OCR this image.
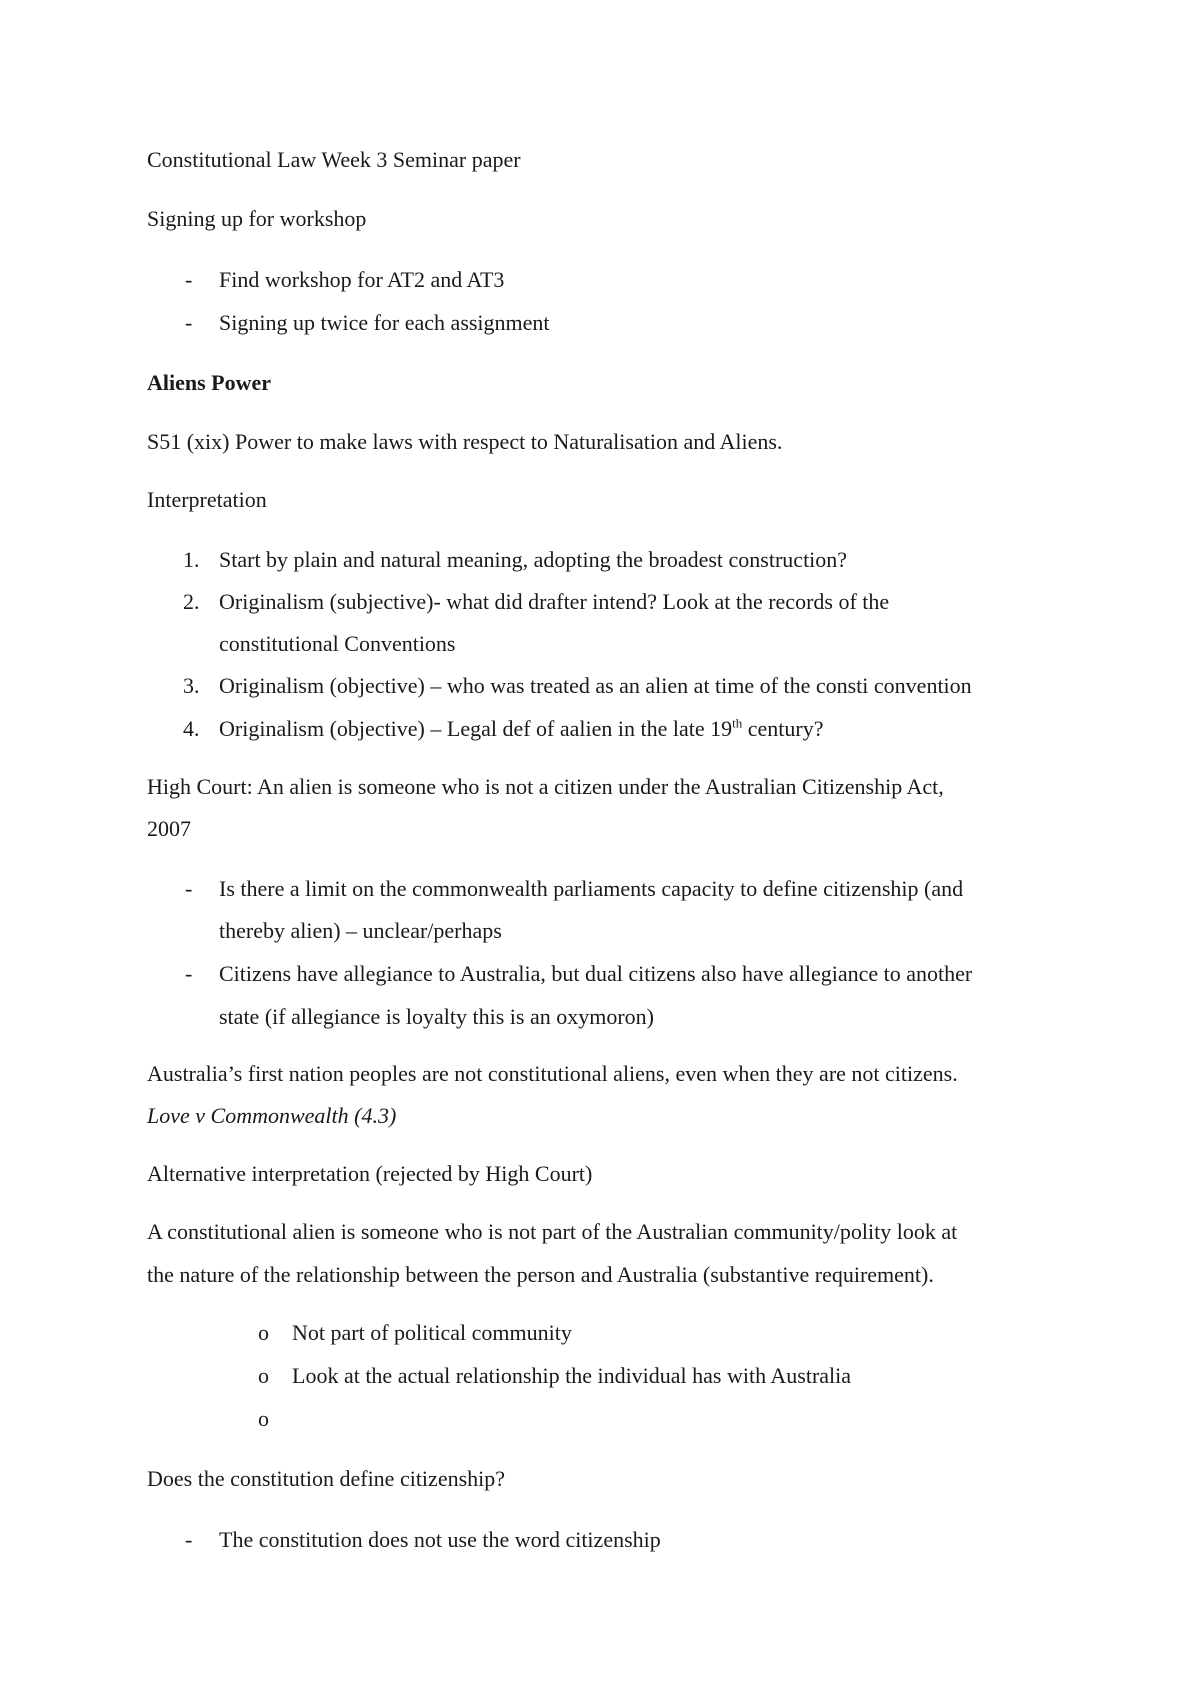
Constitutional Law Week 3 Seminar paper
Signing up for workshop
- Find workshop for AT2 and AT3
- Signing up twice for each assignment
Aliens Power
S51 (xix) Power to make laws with respect to Naturalisation and Aliens.
Interpretation
1. Start by plain and natural meaning, adopting the broadest construction?
2. Originalism (subjective)- what did drafter intend? Look at the records of the
constitutional Conventions
3. Originalism (objective) – who was treated as an alien at time of the consti convention
4. Originalism (objective) – Legal def of aalien in the late 19th century?
High Court: An alien is someone who is not a citizen under the Australian Citizenship Act,
2007
- Is there a limit on the commonwealth parliaments capacity to define citizenship (and
thereby alien) – unclear/perhaps
- Citizens have allegiance to Australia, but dual citizens also have allegiance to another
state (if allegiance is loyalty this is an oxymoron)
Australia’s first nation peoples are not constitutional aliens, even when they are not citizens.
Love v Commonwealth (4.3)
Alternative interpretation (rejected by High Court)
A constitutional alien is someone who is not part of the Australian community/polity look at
the nature of the relationship between the person and Australia (substantive requirement).
o Not part of political community
o Look at the actual relationship the individual has with Australia
o
Does the constitution define citizenship?
- The constitution does not use the word citizenship
